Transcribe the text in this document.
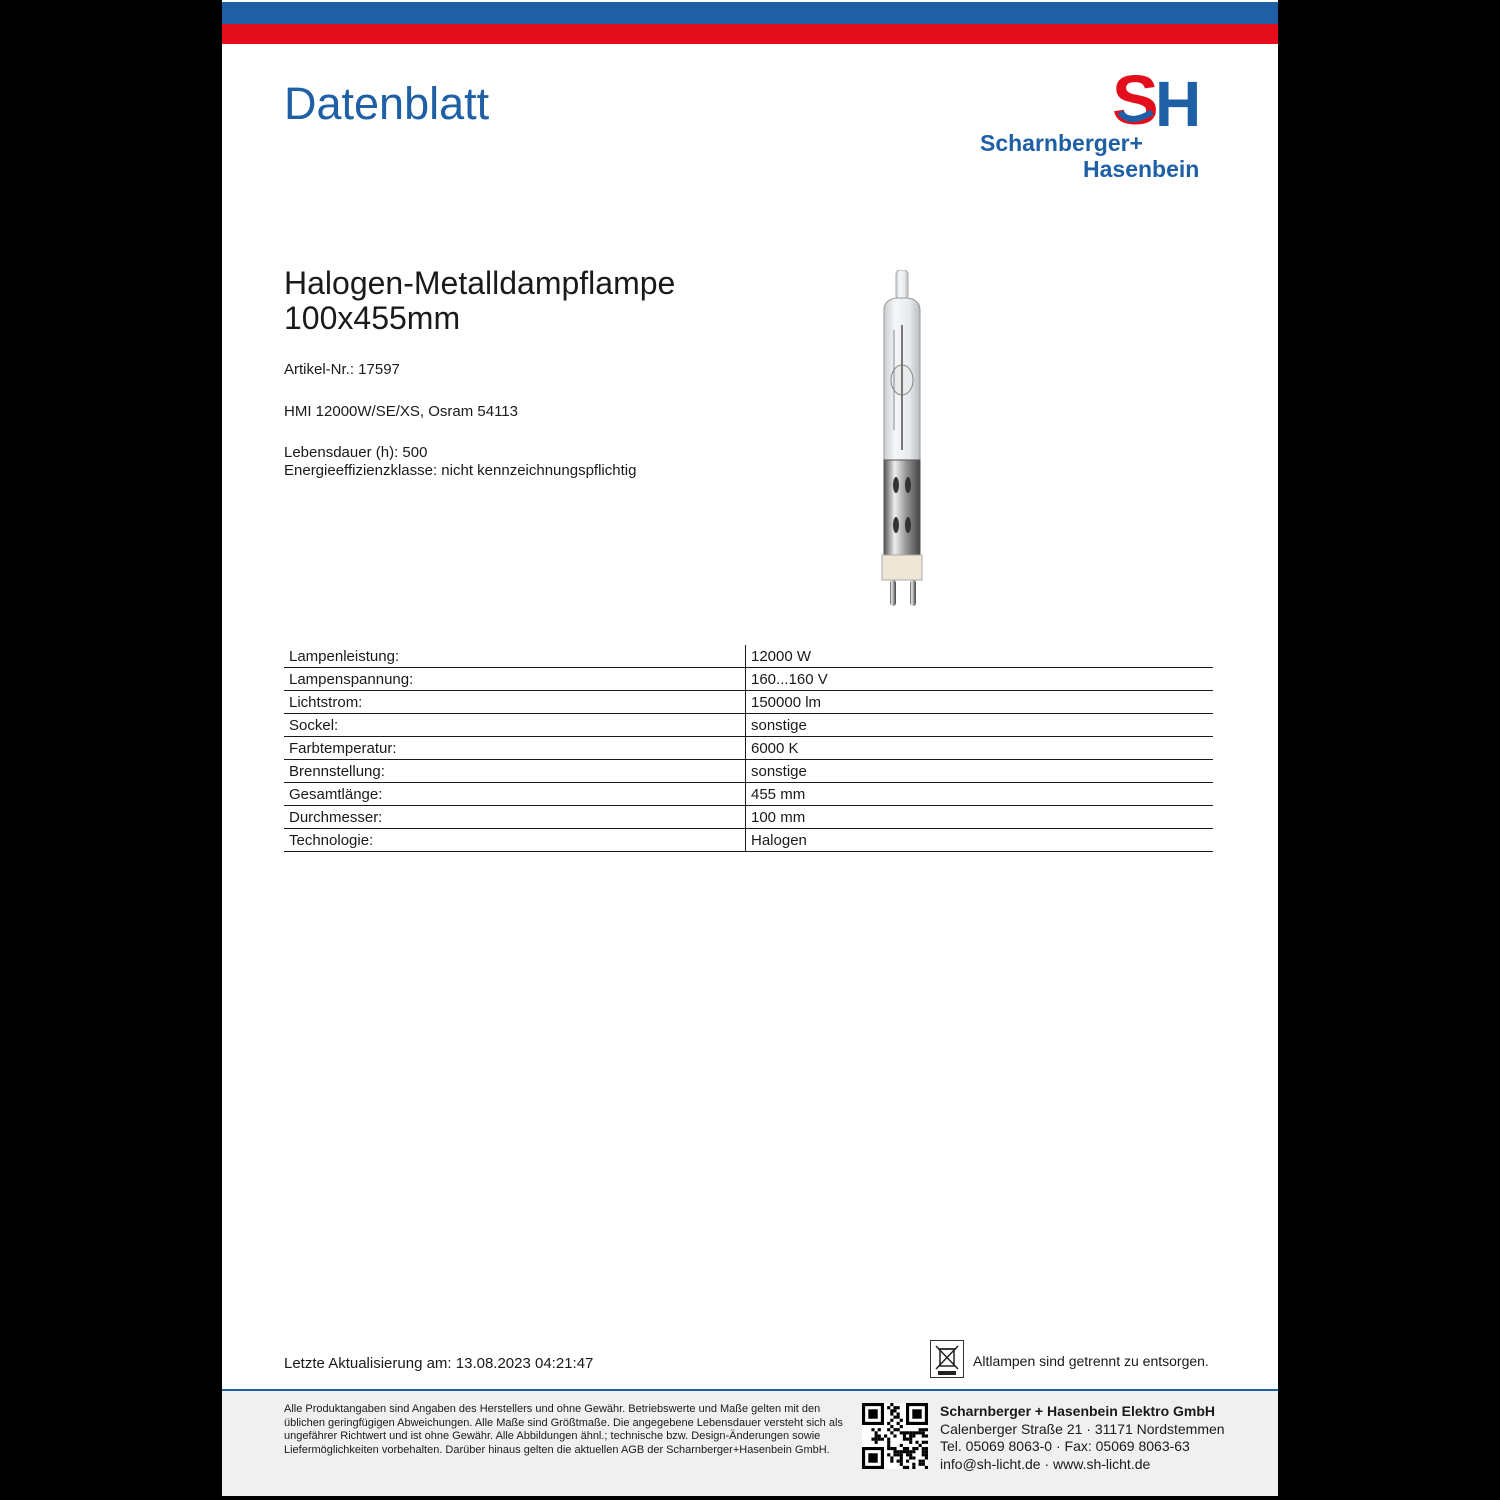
Datenblatt	S
H
Scharnberger+
Hasenbein
Halogen-Metalldampflampe
100x455mm
Artikel-Nr.: 17597
HMI 12000W/SE/XS, Osram 54113
Lebensdauer (h): 500
Energieeffizienzklasse: nicht kennzeichnungspflichtig
Lampenleistung:	12000 W
Lampenspannung:	160...160 V
Lichtstrom:	150000 lm
Sockel:	sonstige
Farbtemperatur:	6000 K
Brennstellung:	sonstige
Gesamtlänge:	455 mm
Durchmesser:	100 mm
Technologie:	Halogen
Letzte Aktualisierung am: 13.08.2023 04:21:47	Altlampen sind getrennt zu entsorgen.
Alle Produktangaben sind Angaben des Herstellers und ohne Gewähr. Betriebswerte und Maße gelten mit den üblichen geringfügigen Abweichungen. Alle Maße sind Größtmaße. Die angegebene Lebensdauer versteht sich als ungefährer Richtwert und ist ohne Gewähr. Alle Abbildungen ähnl.; technische bzw. Design-Änderungen sowie Liefermöglichkeiten vorbehalten. Darüber hinaus gelten die aktuellen AGB der Scharnberger+Hasenbein GmbH.
Scharnberger + Hasenbein Elektro GmbH
Calenberger Straße 21 · 31171 Nordstemmen
Tel. 05069 8063-0 · Fax: 05069 8063-63
info@sh-licht.de · www.sh-licht.de
